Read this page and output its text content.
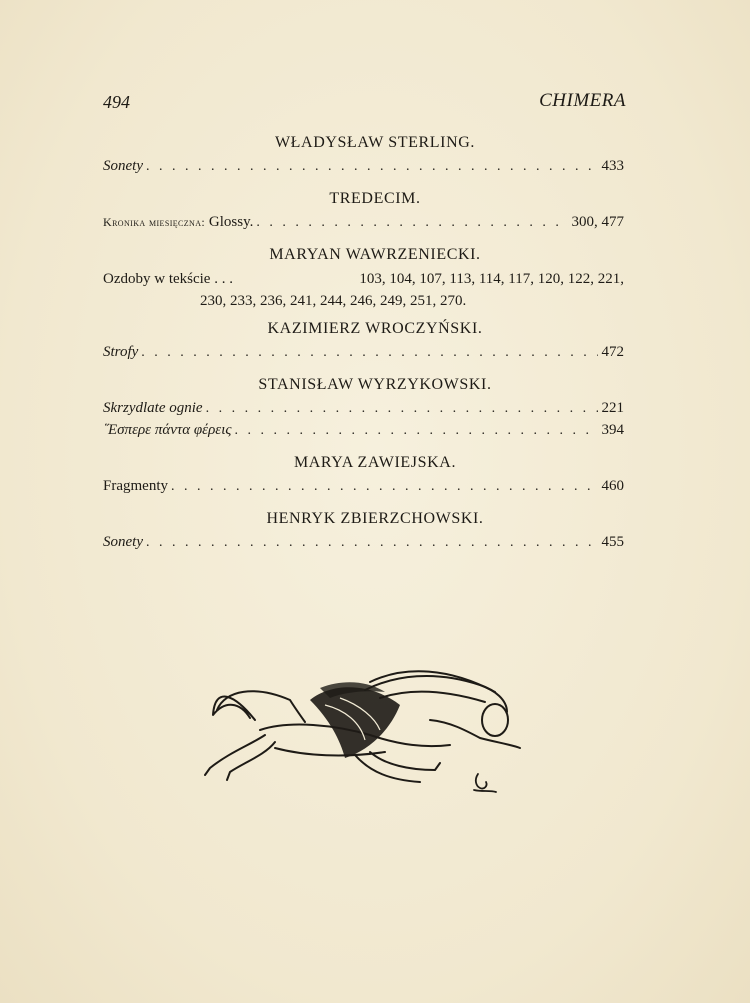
494	CHIMERA
WŁADYSŁAW STERLING.
Sonety . . .	433
TREDECIM.
Kronika miesięczna: Glossy. . . .	300, 477
MARYAN WAWRZENIECKI.
Ozdoby w tekście . . .	103, 104, 107, 113, 114, 117, 120, 122, 221,
230, 233, 236, 241, 244, 246, 249, 251, 270.
KAZIMIERZ WROCZYŃSKI.
Strofy . . .	472
STANISŁAW WYRZYKOWSKI.
Skrzydlate ognie . . .	221
῞Εσπερε πάντα φέρεις . . .	394
MARYA ZAWIEJSKA.
Fragmenty . . .	460
HENRYK ZBIERZCHOWSKI.
Sonety . . .	455
